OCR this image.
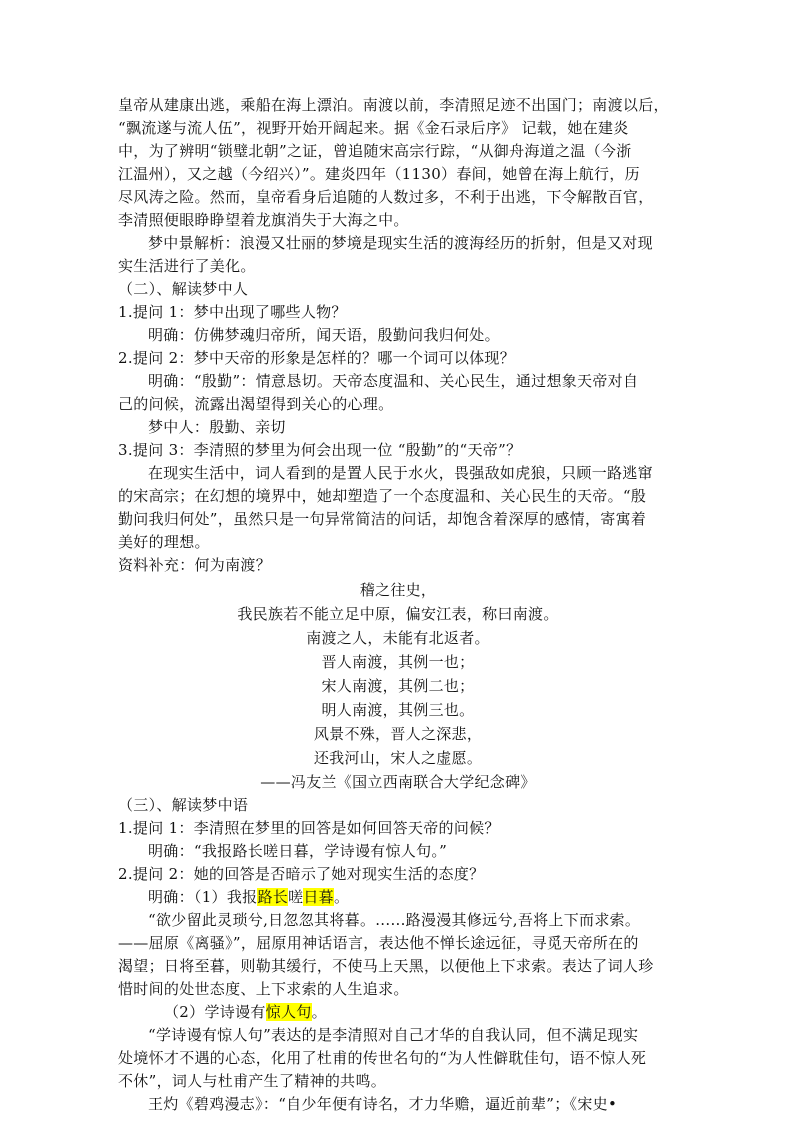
皇帝从建康出逃，乘船在海上漂泊。南渡以前，李清照足迹不出国门；南渡以后，
“飘流遂与流人伍”，视野开始开阔起来。据《金石录后序》 记载，她在建炎
中，为了辨明“锁璧北朝”之证，曾追随宋高宗行踪，“从御舟海道之温（今浙
江温州），又之越（今绍兴）”。建炎四年（1130）春间，她曾在海上航行，历
尽风涛之险。然而，皇帝看身后追随的人数过多，不利于出逃，下令解散百官，
李清照便眼睁睁望着龙旗消失于大海之中。
梦中景解析：浪漫又壮丽的梦境是现实生活的渡海经历的折射，但是又对现
实生活进行了美化。
（二）、解读梦中人
1.提问 1：梦中出现了哪些人物？
明确：仿佛梦魂归帝所，闻天语，殷勤问我归何处。
2.提问 2：梦中天帝的形象是怎样的？哪一个词可以体现？
明确：“殷勤”：情意恳切。天帝态度温和、关心民生，通过想象天帝对自
己的问候，流露出渴望得到关心的心理。
梦中人：殷勤、亲切
3.提问 3：李清照的梦里为何会出现一位 “殷勤”的“天帝”？
在现实生活中，词人看到的是置人民于水火，畏强敌如虎狼，只顾一路逃窜
的宋高宗；在幻想的境界中，她却塑造了一个态度温和、关心民生的天帝。“殷
勤问我归何处”，虽然只是一句异常简洁的问话，却饱含着深厚的感情，寄寓着
美好的理想。
资料补充：何为南渡？
稽之往史，
我民族若不能立足中原，偏安江表，称曰南渡。
南渡之人，未能有北返者。
晋人南渡，其例一也；
宋人南渡，其例二也；
明人南渡，其例三也。
风景不殊，晋人之深悲，
还我河山，宋人之虚愿。
——冯友兰《国立西南联合大学纪念碑》
（三）、解读梦中语
1.提问 1：李清照在梦里的回答是如何回答天帝的问候？
明确：“我报路长嗟日暮，学诗谩有惊人句。”
2.提问 2：她的回答是否暗示了她对现实生活的态度？
明确：（1）我报路长嗟日暮。
“欲少留此灵琐兮,日忽忽其将暮。......路漫漫其修远兮,吾将上下而求索。
——屈原《离骚》”，屈原用神话语言，表达他不惮长途远征，寻觅天帝所在的
渴望；日将至暮，则勒其缓行，不使马上天黑，以便他上下求索。表达了词人珍
惜时间的处世态度、上下求索的人生追求。
（2）学诗谩有惊人句。
“学诗谩有惊人句”表达的是李清照对自己才华的自我认同，但不满足现实
处境怀才不遇的心态，化用了杜甫的传世名句的“为人性僻耽佳句，语不惊人死
不休”，词人与杜甫产生了精神的共鸣。
王灼《碧鸡漫志》：“自少年便有诗名，才力华赡，逼近前辈”；《宋史•
